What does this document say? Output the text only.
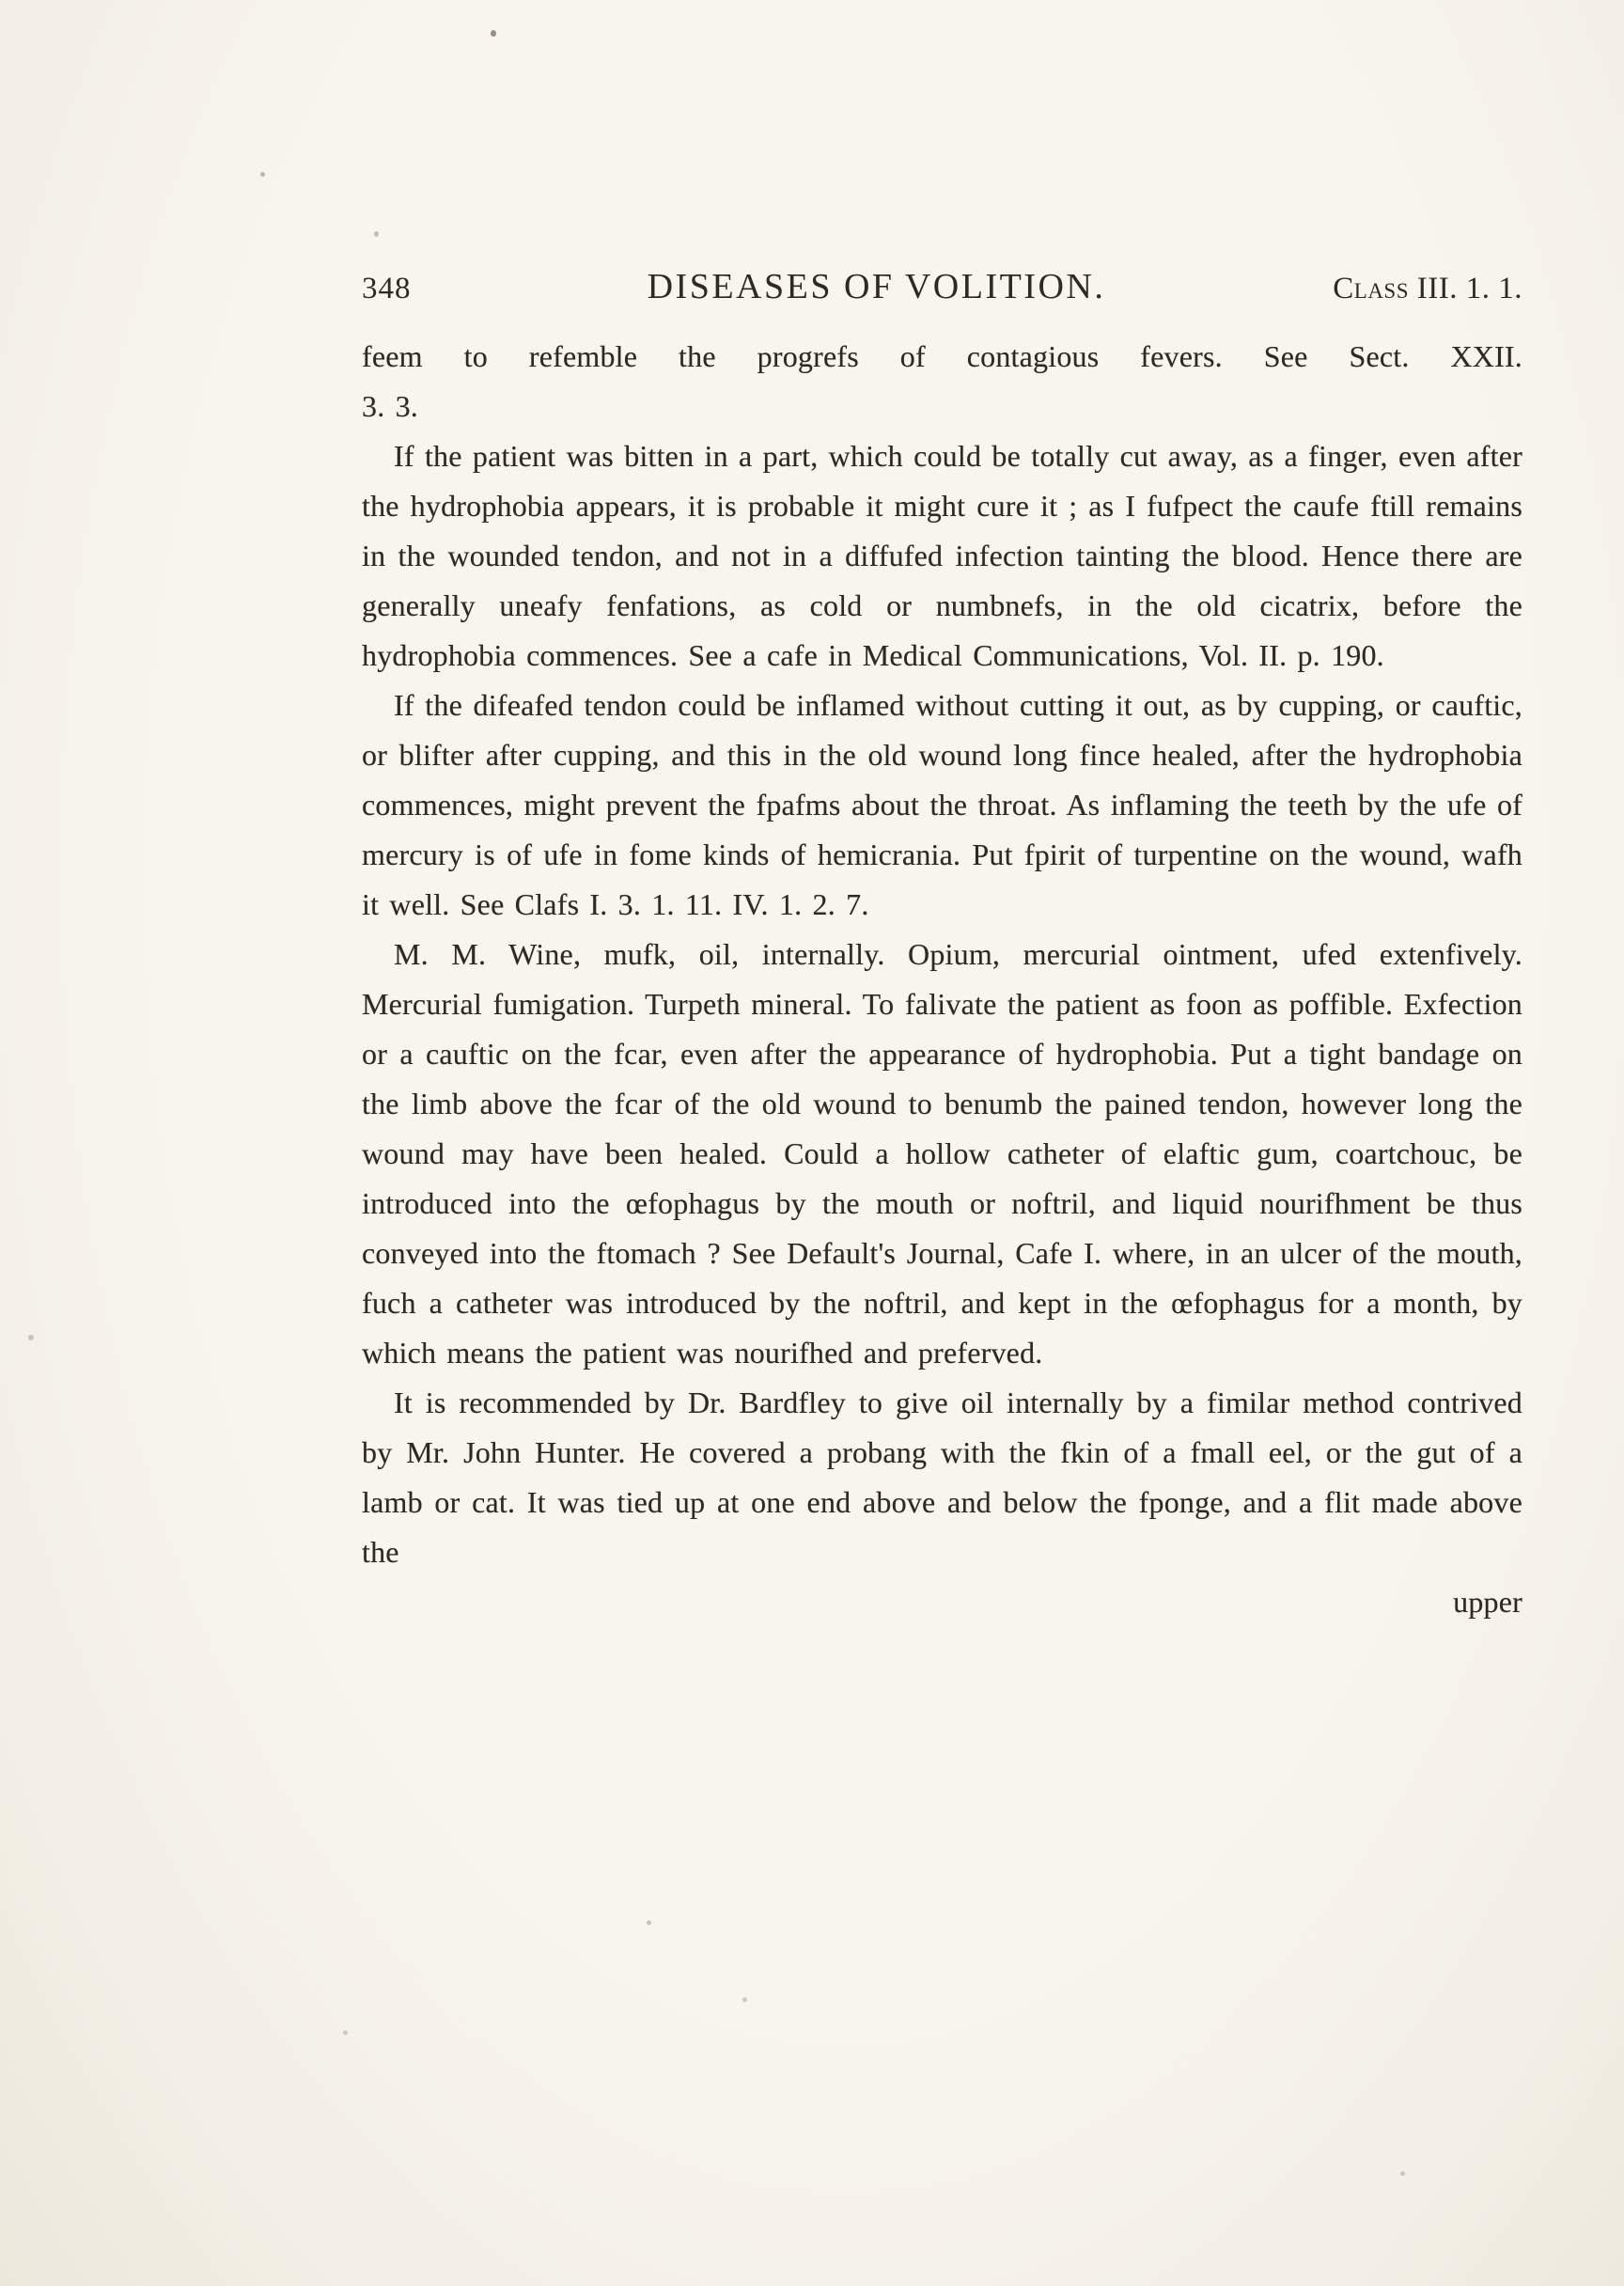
348	DISEASES OF VOLITION.	Class III. 1. 1.

feem to refemble the progrefs of contagious fevers. See Sect. XXII.

3. 3.

If the patient was bitten in a part, which could be totally cut away, as a finger, even after the hydrophobia appears, it is probable it might cure it ; as I fufpect the caufe ftill remains in the wounded tendon, and not in a diffufed infection tainting the blood. Hence there are generally uneafy fenfations, as cold or numbnefs, in the old cicatrix, before the hydrophobia commences. See a cafe in Medical Communications, Vol. II. p. 190.

If the difeafed tendon could be inflamed without cutting it out, as by cupping, or cauftic, or blifter after cupping, and this in the old wound long fince healed, after the hydrophobia commences, might prevent the fpafms about the throat. As inflaming the teeth by the ufe of mercury is of ufe in fome kinds of hemicrania. Put fpirit of turpentine on the wound, wafh it well. See Clafs I. 3. 1. 11. IV. 1. 2. 7.

M. M. Wine, mufk, oil, internally. Opium, mercurial ointment, ufed extenfively. Mercurial fumigation. Turpeth mineral. To falivate the patient as foon as poffible. Exfection or a cauftic on the fcar, even after the appearance of hydrophobia. Put a tight bandage on the limb above the fcar of the old wound to benumb the pained tendon, however long the wound may have been healed. Could a hollow catheter of elaftic gum, coartchouc, be introduced into the œfophagus by the mouth or noftril, and liquid nourifhment be thus conveyed into the ftomach ? See Default's Journal, Cafe I. where, in an ulcer of the mouth, fuch a catheter was introduced by the noftril, and kept in the œfophagus for a month, by which means the patient was nourifhed and preferved.

It is recommended by Dr. Bardfley to give oil internally by a fimilar method contrived by Mr. John Hunter. He covered a probang with the fkin of a fmall eel, or the gut of a lamb or cat. It was tied up at one end above and below the fponge, and a flit made above the

upper
